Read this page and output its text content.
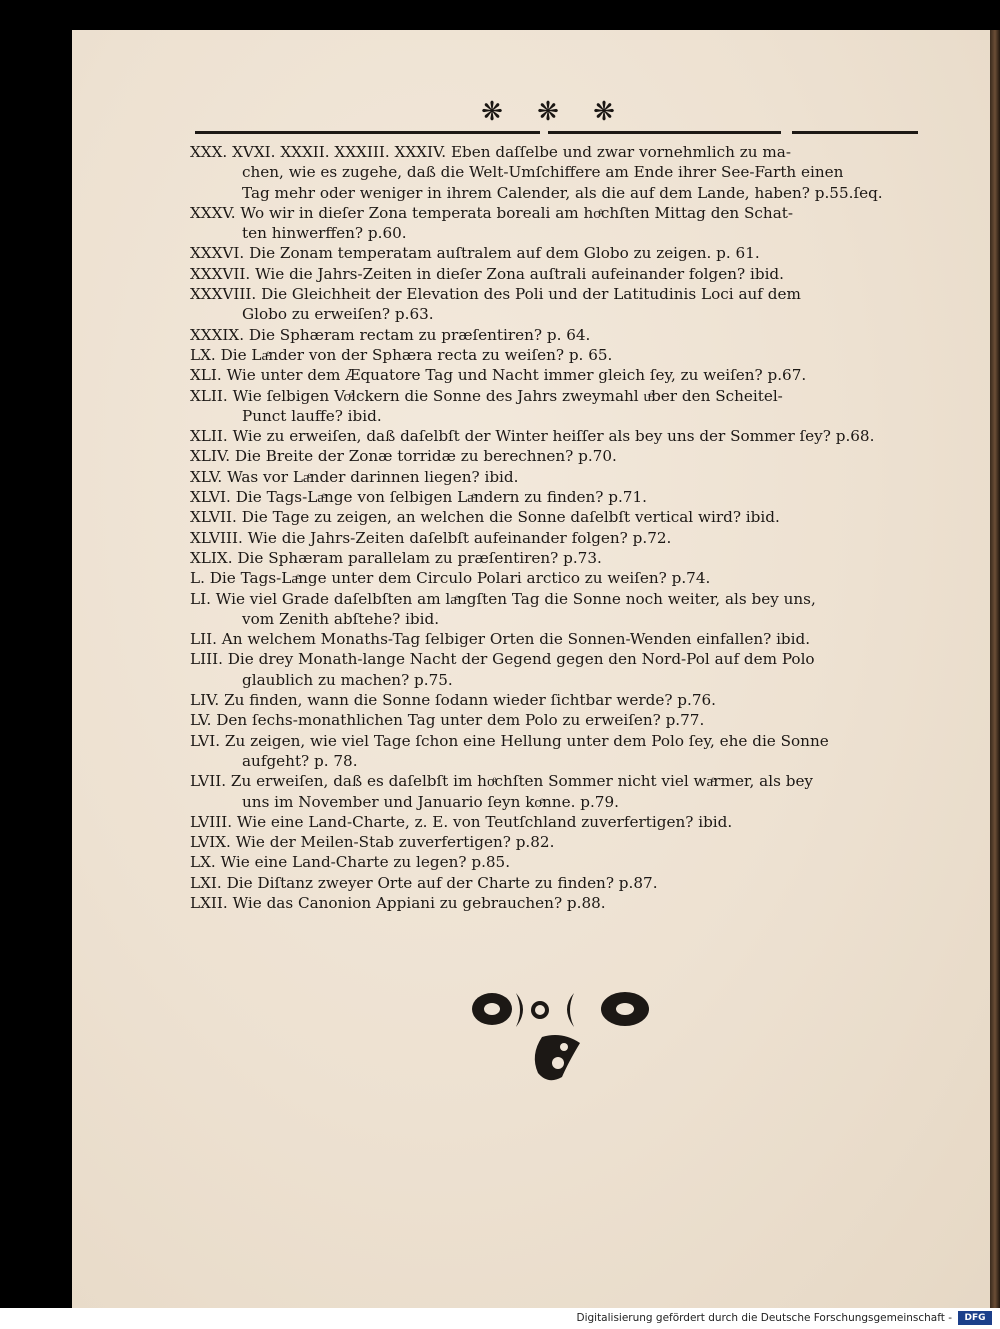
❋ ❋ ❋
XXX. XVXI. XXXII. XXXIII. XXXIV. Eben daſſelbe und zwar vornehmlich zu ma-
chen, wie es zugehe, daß die Welt-Umſchiffere am Ende ihrer See-Farth einen
Tag mehr oder weniger in ihrem Calender, als die auf dem Lande, haben? p.55.ſeq.
XXXV. Wo wir in dieſer Zona temperata boreali am hoͤchſten Mittag den Schat-
ten hinwerffen? p.60.
XXXVI. Die Zonam temperatam auſtralem auf dem Globo zu zeigen. p. 61.
XXXVII. Wie die Jahrs-Zeiten in dieſer Zona auſtrali aufeinander folgen? ibid.
XXXVIII. Die Gleichheit der Elevation des Poli und der Latitudinis Loci auf dem
Globo zu erweiſen? p.63.
XXXIX. Die Sphæram rectam zu præſentiren? p. 64.
LX. Die Laͤnder von der Sphæra recta zu weiſen? p. 65.
XLI. Wie unter dem Æquatore Tag und Nacht immer gleich ſey, zu weiſen? p.67.
XLII. Wie ſelbigen Voͤlckern die Sonne des Jahrs zweymahl uͤber den Scheitel-
Punct lauffe? ibid.
XLII. Wie zu erweiſen, daß daſelbſt der Winter heiſſer als bey uns der Sommer ſey? p.68.
XLIV. Die Breite der Zonæ torridæ zu berechnen? p.70.
XLV. Was vor Laͤnder darinnen liegen? ibid.
XLVI. Die Tags-Laͤnge von ſelbigen Laͤndern zu finden? p.71.
XLVII. Die Tage zu zeigen, an welchen die Sonne daſelbſt vertical wird? ibid.
XLVIII. Wie die Jahrs-Zeiten daſelbſt aufeinander folgen? p.72.
XLIX. Die Sphæram parallelam zu præſentiren? p.73.
L. Die Tags-Laͤnge unter dem Circulo Polari arctico zu weiſen? p.74.
LI. Wie viel Grade daſelbſten am laͤngſten Tag die Sonne noch weiter, als bey uns,
vom Zenith abſtehe? ibid.
LII. An welchem Monaths-Tag ſelbiger Orten die Sonnen-Wenden einfallen? ibid.
LIII. Die drey Monath-lange Nacht der Gegend gegen den Nord-Pol auf dem Polo
glaublich zu machen? p.75.
LIV. Zu finden, wann die Sonne ſodann wieder ſichtbar werde? p.76.
LV. Den ſechs-monathlichen Tag unter dem Polo zu erweiſen? p.77.
LVI. Zu zeigen, wie viel Tage ſchon eine Hellung unter dem Polo ſey, ehe die Sonne
aufgeht? p. 78.
LVII. Zu erweiſen, daß es daſelbſt im hoͤchſten Sommer nicht viel waͤrmer, als bey
uns im November und Januario ſeyn koͤnne. p.79.
LVIII. Wie eine Land-Charte, z. E. von Teutſchland zuverfertigen? ibid.
LVIX. Wie der Meilen-Stab zuverfertigen? p.82.
LX. Wie eine Land-Charte zu legen? p.85.
LXI. Die Diſtanz zweyer Orte auf der Charte zu finden? p.87.
LXII. Wie das Canonion Appiani zu gebrauchen? p.88.
Digitalisierung gefördert durch die Deutsche Forschungsgemeinschaft -	DFG
